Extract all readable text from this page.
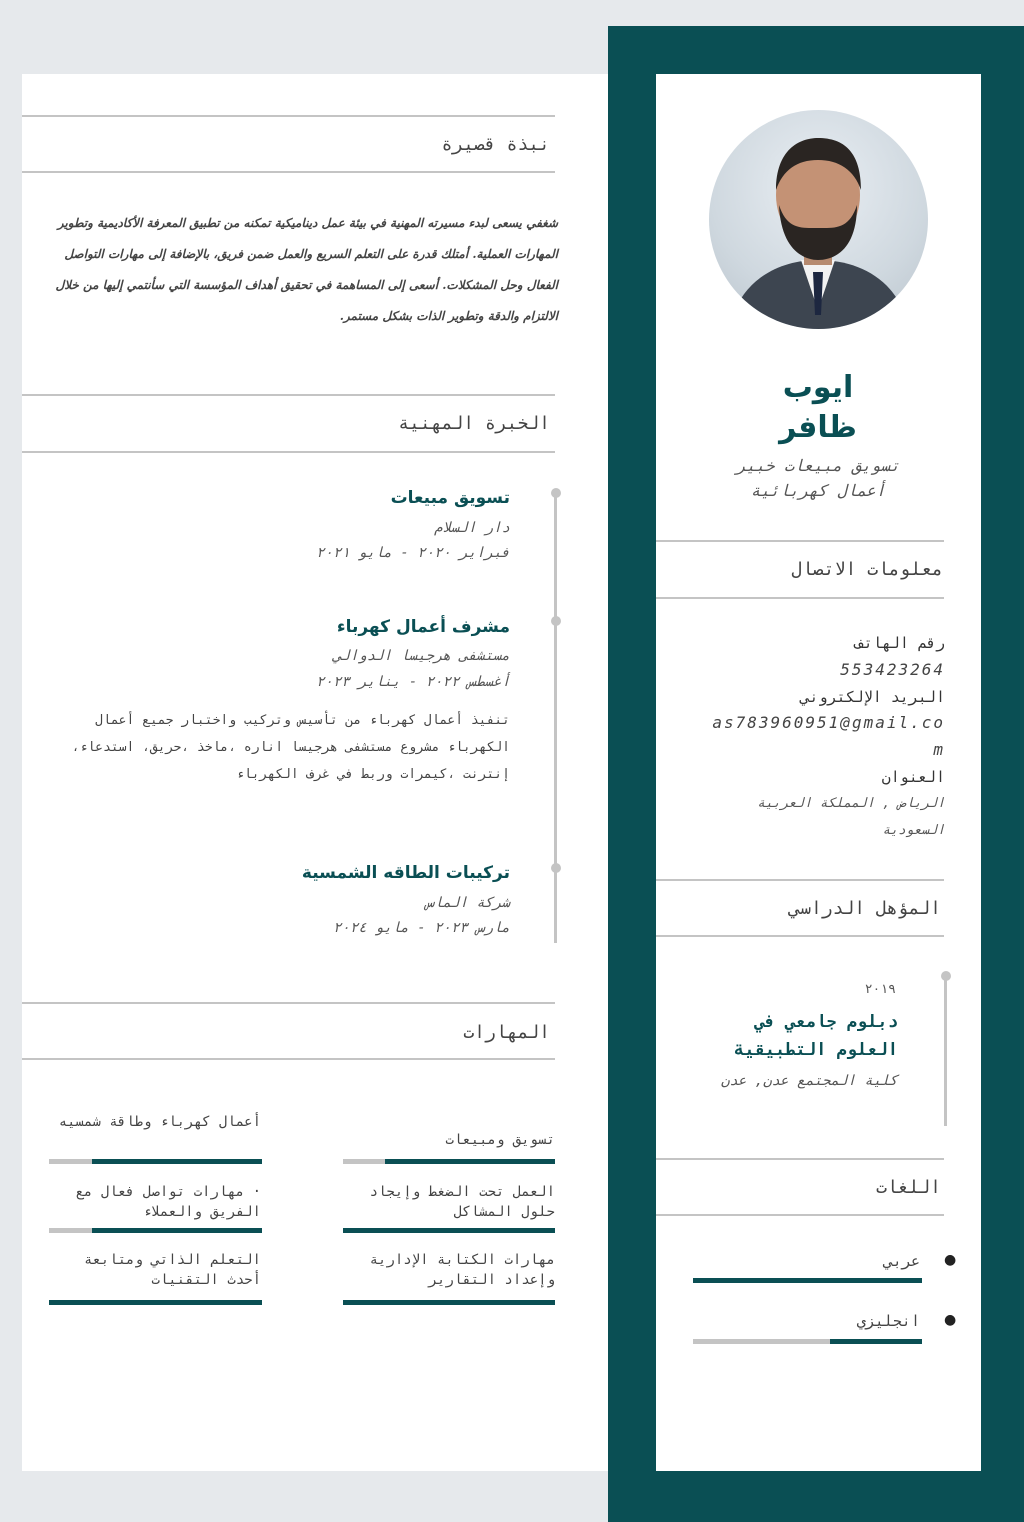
ايوب
ظافر
تسويق مبيعات خبير
أعمال كهربائية
معلومات الاتصال
رقم الهاتف
553423264
البريد الإلكتروني
as783960951@gmail.co
m
العنوان
الرياض , المملكة العربية السعودية
المؤهل الدراسي
٢٠١٩
دبلوم جامعي في العلوم التطبيقية
كلية المجتمع عدن, عدن
اللغات
●
عربي
●
انجليزي
نبذة قصيرة
شغفي يسعى لبدء مسيرته المهنية في بيئة عمل ديناميكية تمكنه من تطبيق المعرفة الأكاديمية وتطوير المهارات العملية. أمتلك قدرة على التعلم السريع والعمل ضمن فريق، بالإضافة إلى مهارات التواصل الفعال وحل المشكلات. أسعى إلى المساهمة في تحقيق أهداف المؤسسة التي سأنتمي إليها من خلال الالتزام والدقة وتطوير الذات بشكل مستمر.
الخبرة المهنية
تسويق مبيعات
دار السلام
فبراير ٢٠٢٠ - مايو ٢٠٢١
مشرف أعمال كهرباء
مستشفى هرجيسا الدوالي
أغسطس ٢٠٢٢ - يناير ٢٠٢٣
تنفيذ أعمال كهرباء من تأسيس وتركيب واختبار جميع أعمال الكهرباء مشروع مستشفى هرجيسا اناره ،ماخذ ،حريق، استدعاء، إنترنت ،كيمرات وربط في غرف الكهرباء
تركيبات الطاقه الشمسية
شركة الماس
مارس ٢٠٢٣ - مايو ٢٠٢٤
المهارات
تسويق ومبيعات
أعمال كهرباء وطاقة شمسيه
العمل تحت الضغط وإيجاد حلول المشاكل
· مهارات تواصل فعال مع الفريق والعملاء
مهارات الكتابة الإدارية وإعداد التقارير
التعلم الذاتي ومتابعة أحدث التقنيات
